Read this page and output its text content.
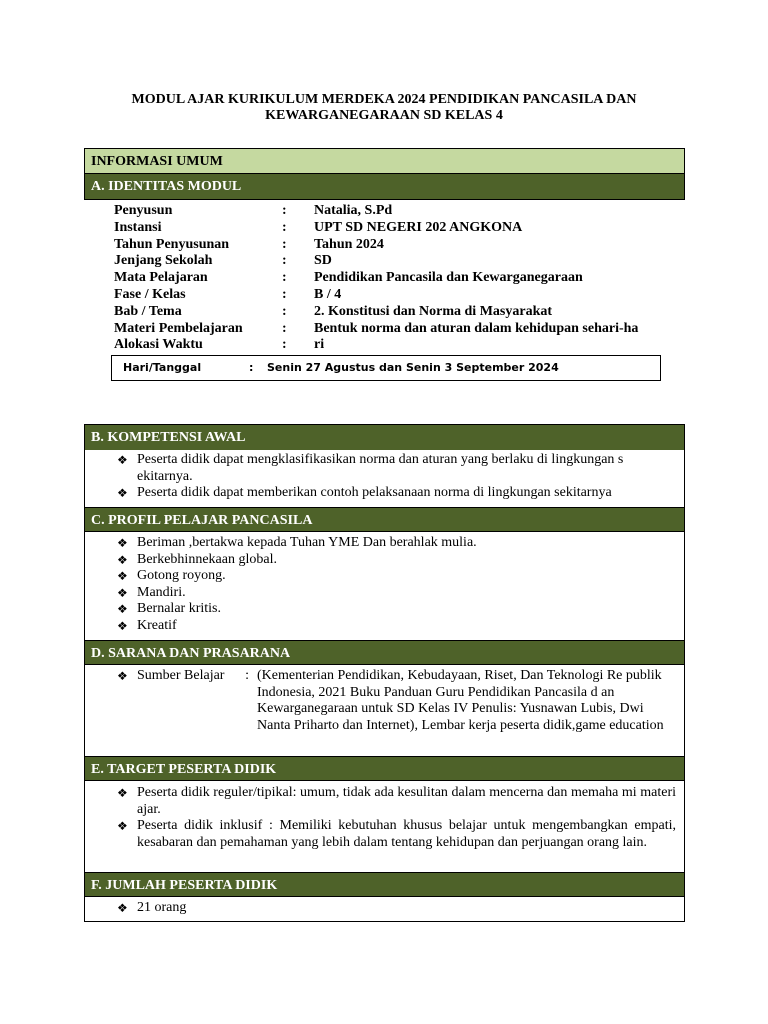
MODUL AJAR KURIKULUM MERDEKA 2024 PENDIDIKAN PANCASILA DAN
KEWARGANEGARAAN SD KELAS 4
INFORMASI UMUM
A. IDENTITAS MODUL
Penyusun	: Natalia, S.Pd
Instansi	: UPT SD NEGERI 202 ANGKONA
Tahun Penyusunan	: Tahun 2024
Jenjang Sekolah	: SD
Mata Pelajaran	: Pendidikan Pancasila dan Kewarganegaraan
Fase / Kelas	: B / 4
Bab / Tema	: 2. Konstitusi dan Norma di Masyarakat
Materi Pembelajaran	: Bentuk norma dan aturan dalam kehidupan sehari-ha
Alokasi Waktu	: ri
Hari/Tanggal	: Senin 27 Agustus dan Senin 3 September 2024
B. KOMPETENSI AWAL
❖ Peserta didik dapat mengklasifikasikan norma dan aturan yang berlaku di lingkungan s ekitarnya.
❖ Peserta didik dapat memberikan contoh pelaksanaan norma di lingkungan sekitarnya
C. PROFIL PELAJAR PANCASILA
❖ Beriman ,bertakwa kepada Tuhan YME Dan berahlak mulia.
❖ Berkebhinnekaan global.
❖ Gotong royong.
❖ Mandiri.
❖ Bernalar kritis.
❖ Kreatif
D. SARANA DAN PRASARANA
❖ Sumber Belajar : (Kementerian Pendidikan, Kebudayaan, Riset, Dan Teknologi Re publik Indonesia, 2021 Buku Panduan Guru Pendidikan Pancasila d an Kewarganegaraan untuk SD Kelas IV Penulis: Yusnawan Lubis, Dwi Nanta Priharto dan Internet), Lembar kerja peserta didik,game education
E. TARGET PESERTA DIDIK
❖ Peserta didik reguler/tipikal: umum, tidak ada kesulitan dalam mencerna dan memaha mi materi ajar.
❖ Peserta didik inklusif : Memiliki kebutuhan khusus belajar untuk mengembangkan empati, kesabaran dan pemahaman yang lebih dalam tentang kehidupan dan perjuangan orang lain.
F. JUMLAH PESERTA DIDIK
❖ 21 orang
